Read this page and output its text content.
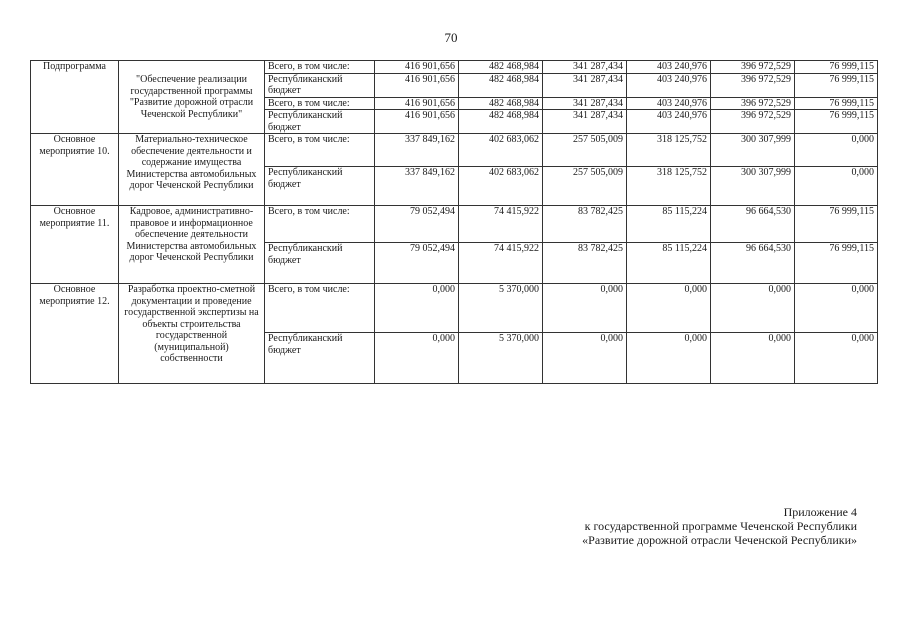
70
Подпрограмма	"Обеспечение реализации государственной программы "Развитие дорожной отрасли Чеченской Республики"	Всего, в том числе:	416 901,656	482 468,984	341 287,434	403 240,976	396 972,529	76 999,115
		Республиканский бюджет	416 901,656	482 468,984	341 287,434	403 240,976	396 972,529	76 999,115
		Всего, в том числе:	416 901,656	482 468,984	341 287,434	403 240,976	396 972,529	76 999,115
		Республиканский бюджет	416 901,656	482 468,984	341 287,434	403 240,976	396 972,529	76 999,115
Основное мероприятие 10.	Материально-техническое обеспечение деятельности и содержание имущества Министерства автомобильных дорог Чеченской Республики	Всего, в том числе:	337 849,162	402 683,062	257 505,009	318 125,752	300 307,999	0,000
		Республиканский бюджет	337 849,162	402 683,062	257 505,009	318 125,752	300 307,999	0,000
Основное мероприятие 11.	Кадровое, административно-правовое и информационное обеспечение деятельности Министерства автомобильных дорог Чеченской Республики	Всего, в том числе:	79 052,494	74 415,922	83 782,425	85 115,224	96 664,530	76 999,115
		Республиканский бюджет	79 052,494	74 415,922	83 782,425	85 115,224	96 664,530	76 999,115
Основное мероприятие 12.	Разработка проектно-сметной документации и проведение государственной экспертизы на объекты строительства государственной (муниципальной) собственности	Всего, в том числе:	0,000	5 370,000	0,000	0,000	0,000	0,000
		Республиканский бюджет	0,000	5 370,000	0,000	0,000	0,000	0,000
Приложение 4
к государственной программе Чеченской Республики
«Развитие дорожной отрасли Чеченской Республики»
